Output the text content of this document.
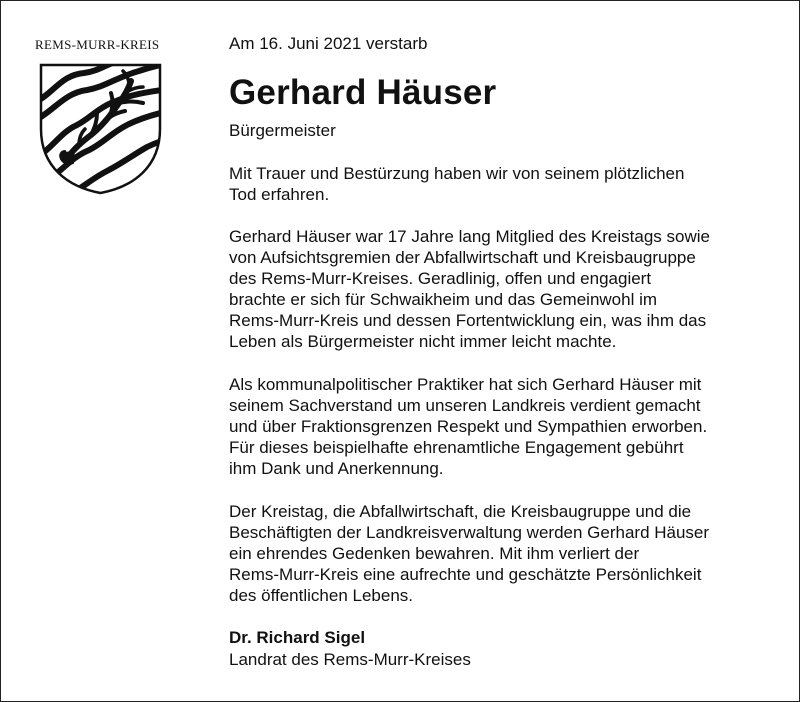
REMS-MURR-KREIS	Am 16. Juni 2021 verstarb
Gerhard Häuser
Bürgermeister
Mit Trauer und Bestürzung haben wir von seinem plötzlichen
Tod erfahren.
Gerhard Häuser war 17 Jahre lang Mitglied des Kreistags sowie
von Aufsichtsgremien der Abfallwirtschaft und Kreisbaugruppe
des Rems-Murr-Kreises. Geradlinig, offen und engagiert
brachte er sich für Schwaikheim und das Gemeinwohl im
Rems-Murr-Kreis und dessen Fortentwicklung ein, was ihm das
Leben als Bürgermeister nicht immer leicht machte.
Als kommunalpolitischer Praktiker hat sich Gerhard Häuser mit
seinem Sachverstand um unseren Landkreis verdient gemacht
und über Fraktionsgrenzen Respekt und Sympathien erworben.
Für dieses beispielhafte ehrenamtliche Engagement gebührt
ihm Dank und Anerkennung.
Der Kreistag, die Abfallwirtschaft, die Kreisbaugruppe und die
Beschäftigten der Landkreisverwaltung werden Gerhard Häuser
ein ehrendes Gedenken bewahren. Mit ihm verliert der
Rems-Murr-Kreis eine aufrechte und geschätzte Persönlichkeit
des öffentlichen Lebens.
Dr. Richard Sigel
Landrat des Rems-Murr-Kreises
